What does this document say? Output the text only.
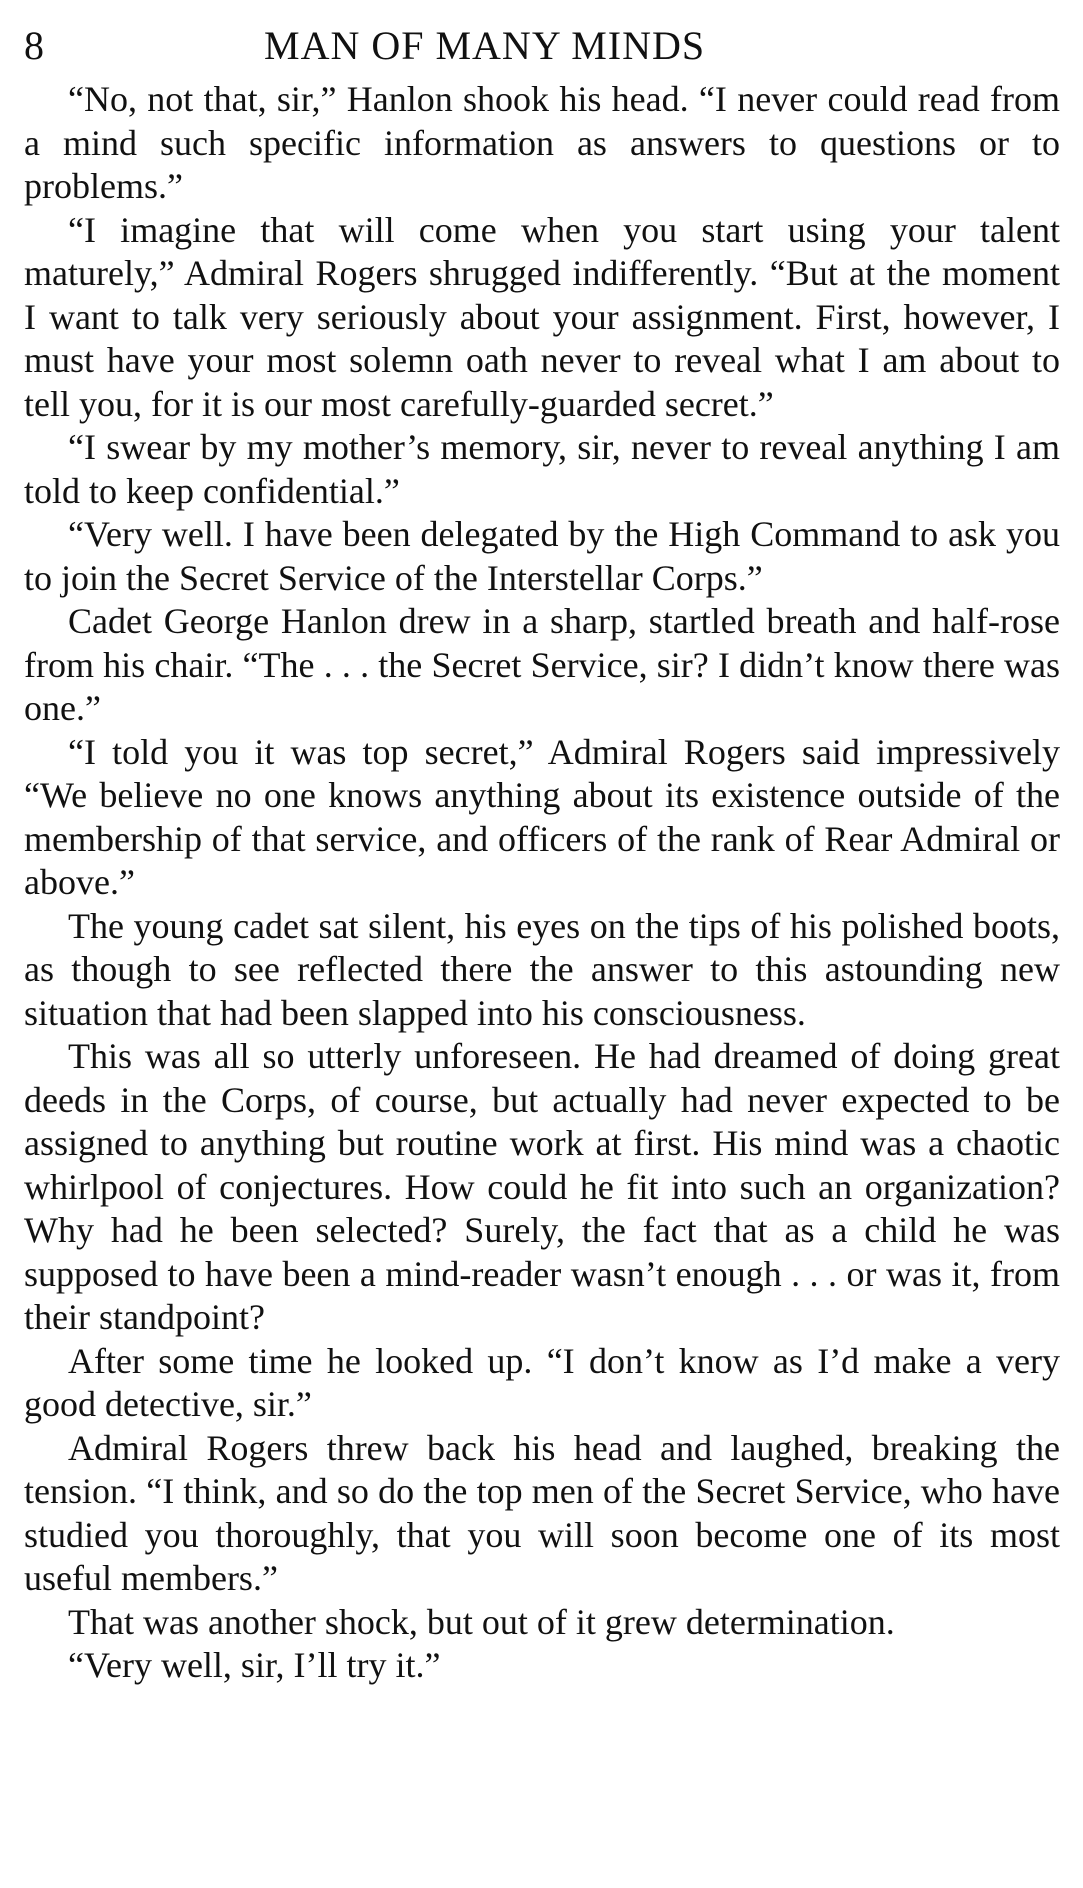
8	MAN OF MANY MINDS

“No, not that, sir,” Hanlon shook his head. “I never could read from a mind such specific information as answers to questions or to problems.”

“I imagine that will come when you start using your talent maturely,” Admiral Rogers shrugged indifferently. “But at the moment I want to talk very seriously about your assignment. First, however, I must have your most solemn oath never to reveal what I am about to tell you, for it is our most carefully-guarded secret.”

“I swear by my mother’s memory, sir, never to reveal anything I am told to keep confidential.”

“Very well. I have been delegated by the High Command to ask you to join the Secret Service of the Interstellar Corps.”

Cadet George Hanlon drew in a sharp, startled breath and half-rose from his chair. “The . . . the Secret Service, sir? I didn’t know there was one.”

“I told you it was top secret,” Admiral Rogers said impressively “We believe no one knows anything about its existence outside of the membership of that service, and officers of the rank of Rear Admiral or above.”

The young cadet sat silent, his eyes on the tips of his polished boots, as though to see reflected there the answer to this astounding new situation that had been slapped into his consciousness.

This was all so utterly unforeseen. He had dreamed of doing great deeds in the Corps, of course, but actually had never expected to be assigned to anything but routine work at first. His mind was a chaotic whirlpool of conjectures. How could he fit into such an organization? Why had he been selected? Surely, the fact that as a child he was supposed to have been a mind-reader wasn’t enough . . . or was it, from their standpoint?

After some time he looked up. “I don’t know as I’d make a very good detective, sir.”

Admiral Rogers threw back his head and laughed, breaking the tension. “I think, and so do the top men of the Secret Service, who have studied you thoroughly, that you will soon become one of its most useful members.”

That was another shock, but out of it grew determination.

“Very well, sir, I’ll try it.”
